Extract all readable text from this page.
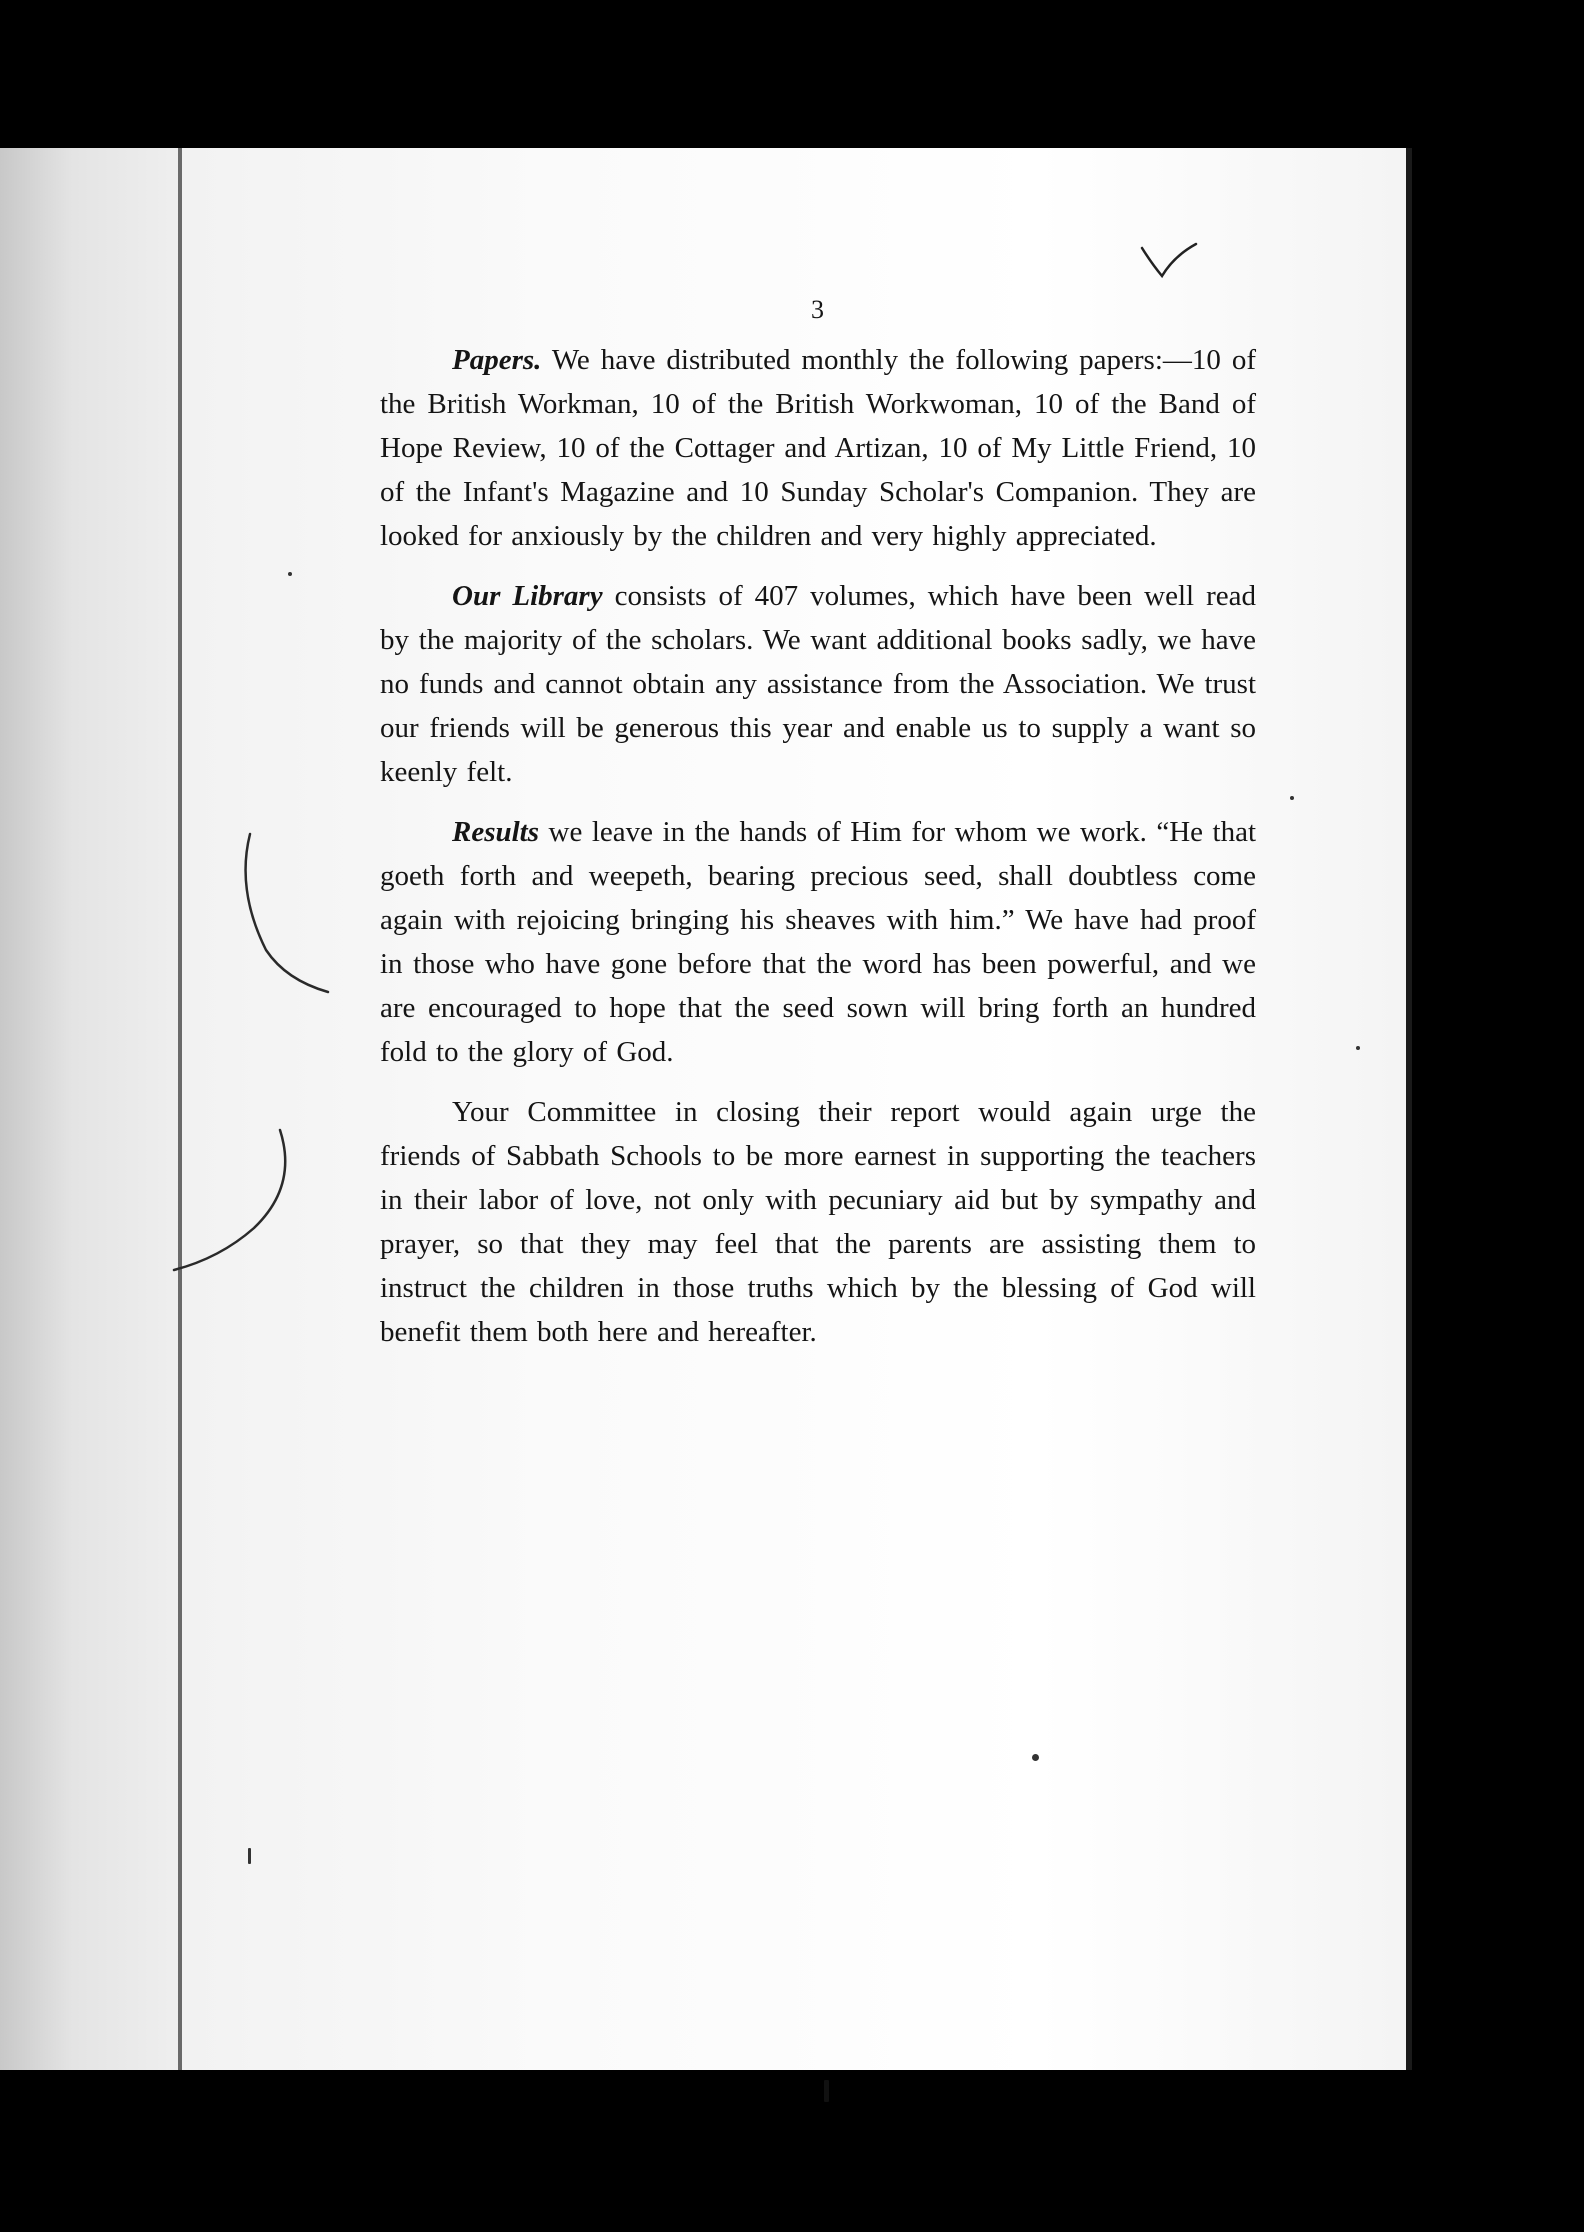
3

Papers. We have distributed monthly the following papers:—10 of the British Workman, 10 of the British Workwoman, 10 of the Band of Hope Review, 10 of the Cottager and Artizan, 10 of My Little Friend, 10 of the Infant's Magazine and 10 Sunday Scholar's Companion. They are looked for anxiously by the children and very highly appreciated.

Our Library consists of 407 volumes, which have been well read by the majority of the scholars. We want additional books sadly, we have no funds and cannot obtain any assistance from the Association. We trust our friends will be generous this year and enable us to supply a want so keenly felt.

Results we leave in the hands of Him for whom we work. “He that goeth forth and weepeth, bearing precious seed, shall doubtless come again with rejoicing bringing his sheaves with him.” We have had proof in those who have gone before that the word has been powerful, and we are encouraged to hope that the seed sown will bring forth an hundred fold to the glory of God.

Your Committee in closing their report would again urge the friends of Sabbath Schools to be more earnest in supporting the teachers in their labor of love, not only with pecuniary aid but by sympathy and prayer, so that they may feel that the parents are assisting them to instruct the children in those truths which by the blessing of God will benefit them both here and hereafter.
